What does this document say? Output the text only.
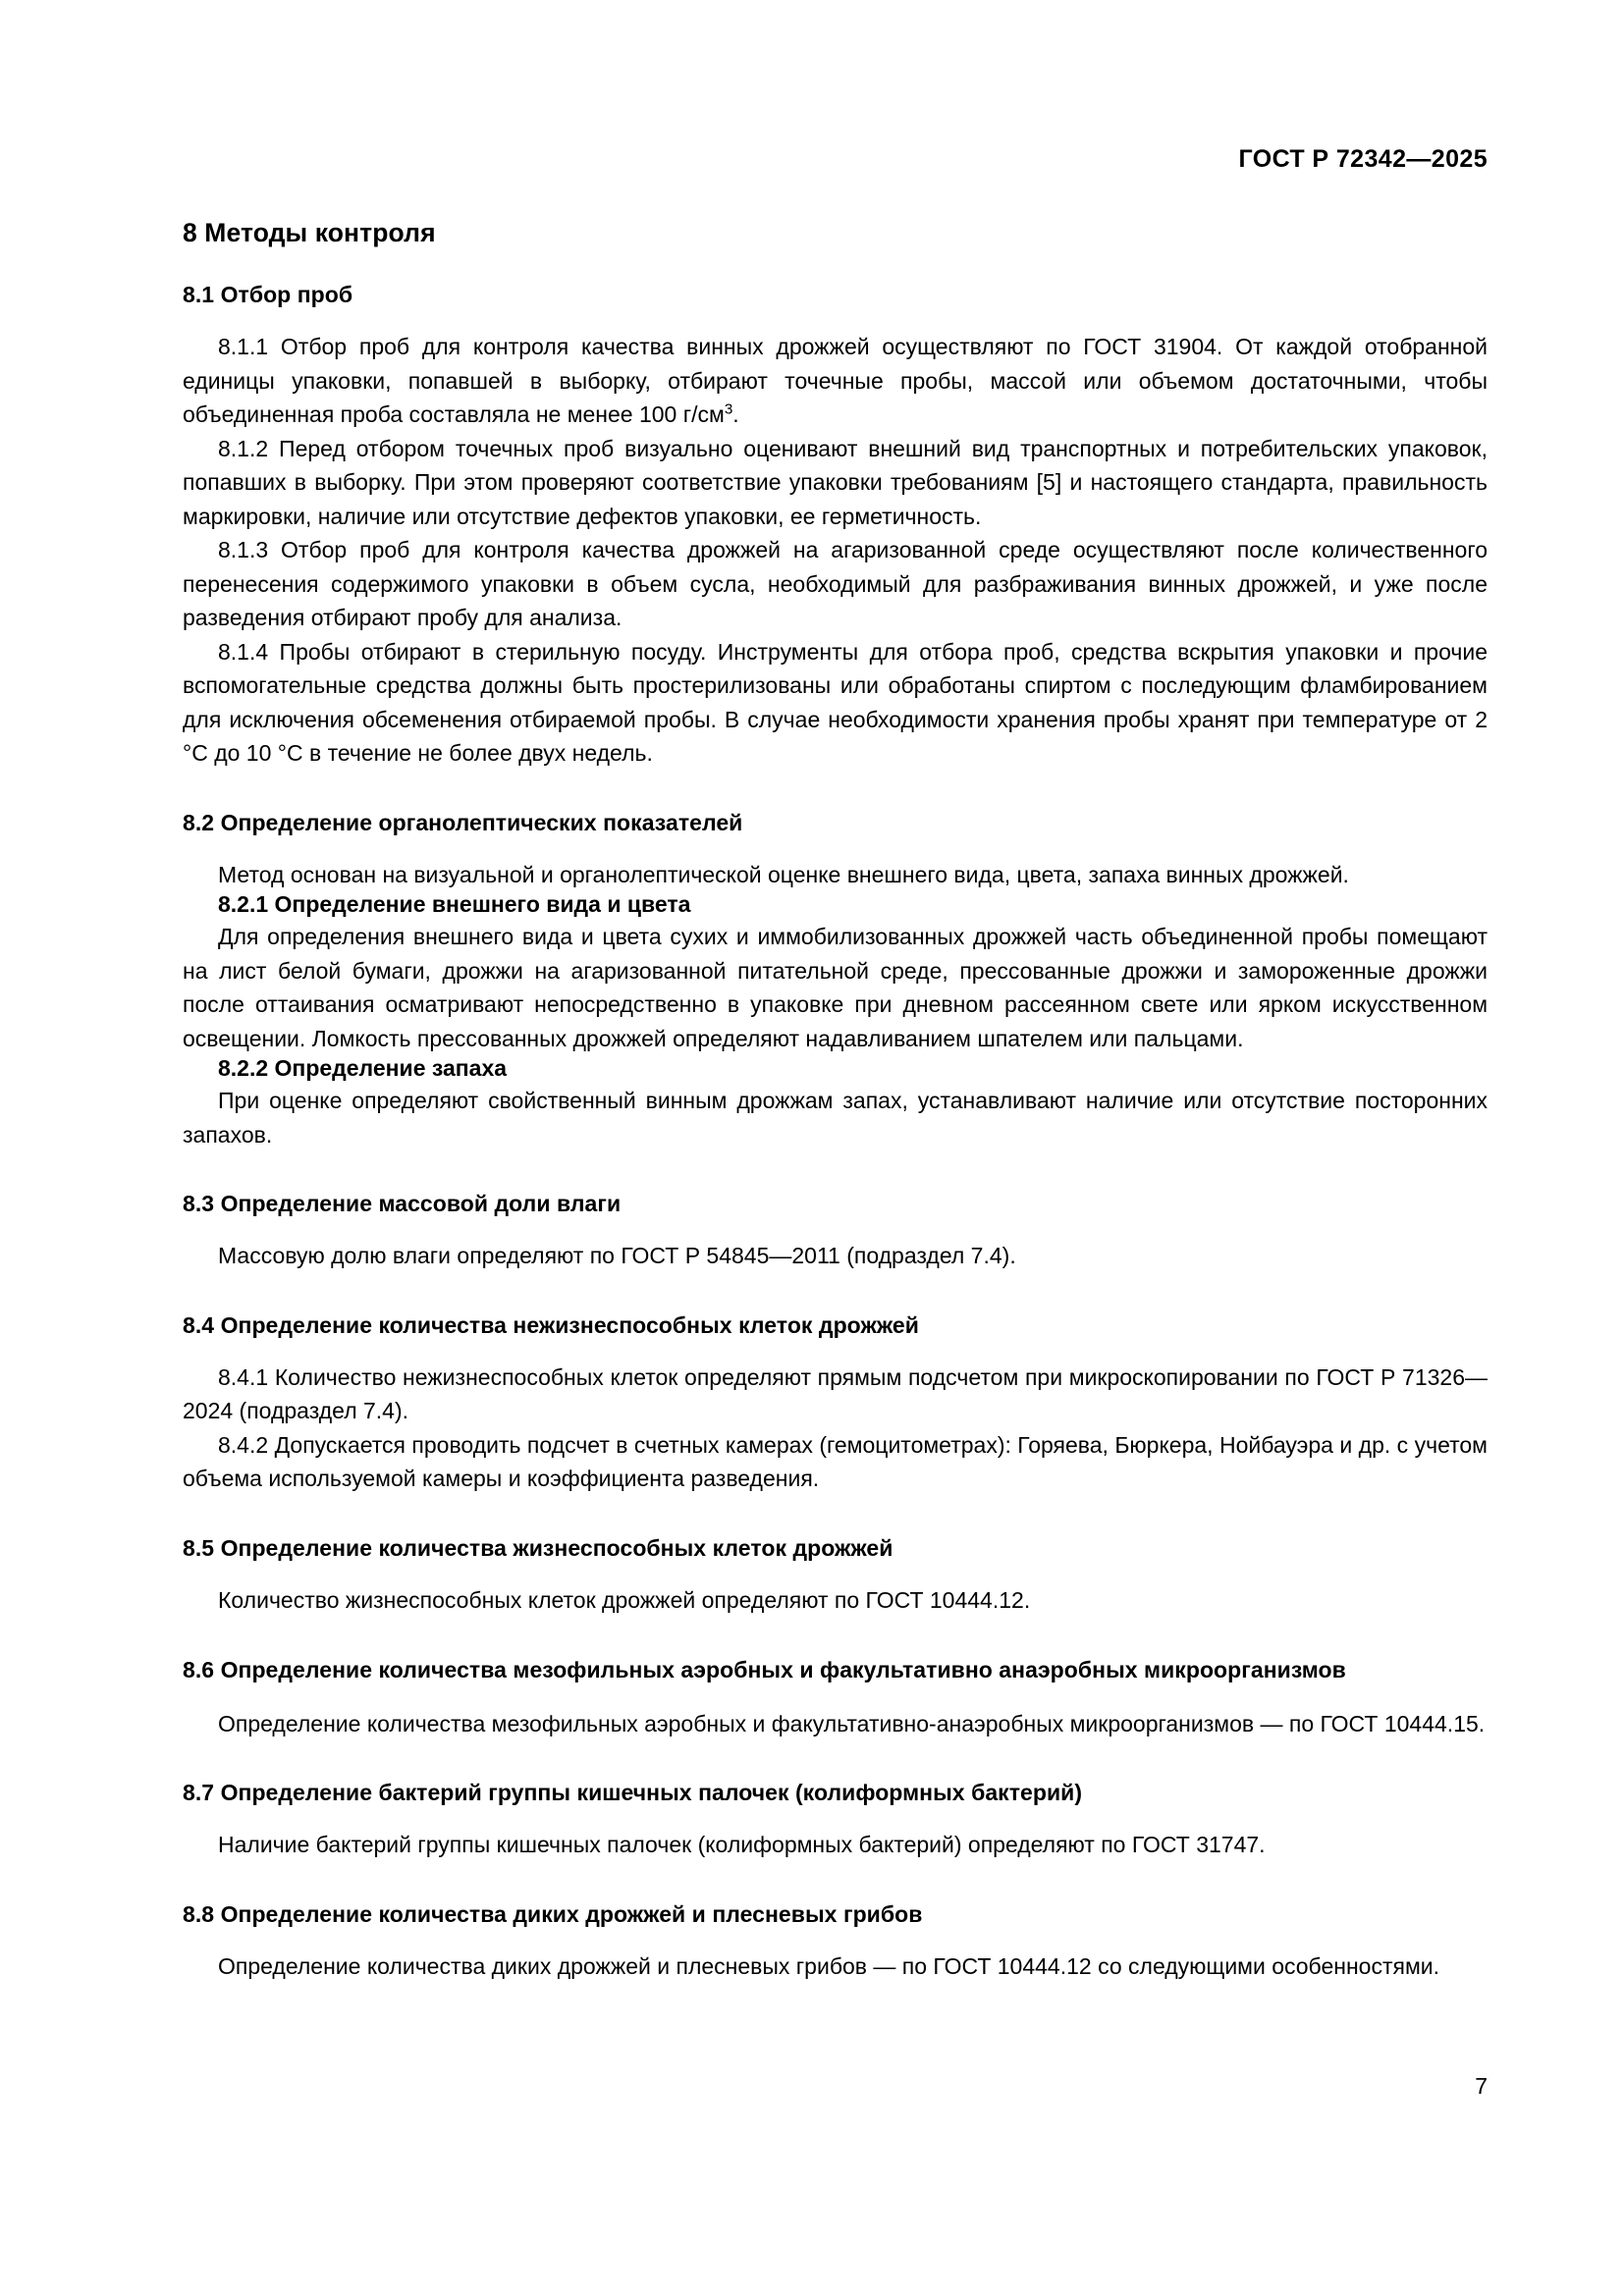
ГОСТ Р 72342—2025
8 Методы контроля
8.1 Отбор проб

8.1.1 Отбор проб для контроля качества винных дрожжей осуществляют по ГОСТ 31904. От каждой отобранной единицы упаковки, попавшей в выборку, отбирают точечные пробы, массой или объемом достаточными, чтобы объединенная проба составляла не менее 100 $г/см^3$.

8.1.2 Перед отбором точечных проб визуально оценивают внешний вид транспортных и потребительских упаковок, попавших в выборку. При этом проверяют соответствие упаковки требованиям [5] и настоящего стандарта, правильность маркировки, наличие или отсутствие дефектов упаковки, ее герметичность.

8.1.3 Отбор проб для контроля качества дрожжей на агаризованной среде осуществляют после количественного перенесения содержимого упаковки в объем сусла, необходимый для разбраживания винных дрожжей, и уже после разведения отбирают пробу для анализа.

8.1.4 Пробы отбирают в стерильную посуду. Инструменты для отбора проб, средства вскрытия упаковки и прочие вспомогательные средства должны быть простерилизованы или обработаны спиртом с последующим фламбированием для исключения обсеменения отбираемой пробы. В случае необходимости хранения пробы хранят при температуре от 2 °C до 10 °C в течение не более двух недель.

8.2 Определение органолептических показателей

Метод основан на визуальной и органолептической оценке внешнего вида, цвета, запаха винных дрожжей.

8.2.1 Определение внешнего вида и цвета

Для определения внешнего вида и цвета сухих и иммобилизованных дрожжей часть объединенной пробы помещают на лист белой бумаги, дрожжи на агаризованной питательной среде, прессованные дрожжи и замороженные дрожжи после оттаивания осматривают непосредственно в упаковке при дневном рассеянном свете или ярком искусственном освещении. Ломкость прессованных дрожжей определяют надавливанием шпателем или пальцами.

8.2.2 Определение запаха

При оценке определяют свойственный винным дрожжам запах, устанавливают наличие или отсутствие посторонних запахов.

8.3 Определение массовой доли влаги

Массовую долю влаги определяют по ГОСТ Р 54845—2011 (подраздел 7.4).

8.4 Определение количества нежизнеспособных клеток дрожжей

8.4.1 Количество нежизнеспособных клеток определяют прямым подсчетом при микроскопировании по ГОСТ Р 71326—2024 (подраздел 7.4).

8.4.2 Допускается проводить подсчет в счетных камерах (гемоцитометрах): Горяева, Бюркера, Нойбауэра и др. с учетом объема используемой камеры и коэффициента разведения.

8.5 Определение количества жизнеспособных клеток дрожжей

Количество жизнеспособных клеток дрожжей определяют по ГОСТ 10444.12.

8.6 Определение количества мезофильных аэробных и факультативно анаэробных микроорганизмов

Определение количества мезофильных аэробных и факультативно-анаэробных микроорганизмов — по ГОСТ 10444.15.

8.7 Определение бактерий группы кишечных палочек (колиформных бактерий)

Наличие бактерий группы кишечных палочек (колиформных бактерий) определяют по ГОСТ 31747.

8.8 Определение количества диких дрожжей и плесневых грибов

Определение количества диких дрожжей и плесневых грибов — по ГОСТ 10444.12 со следующими особенностями.

7
